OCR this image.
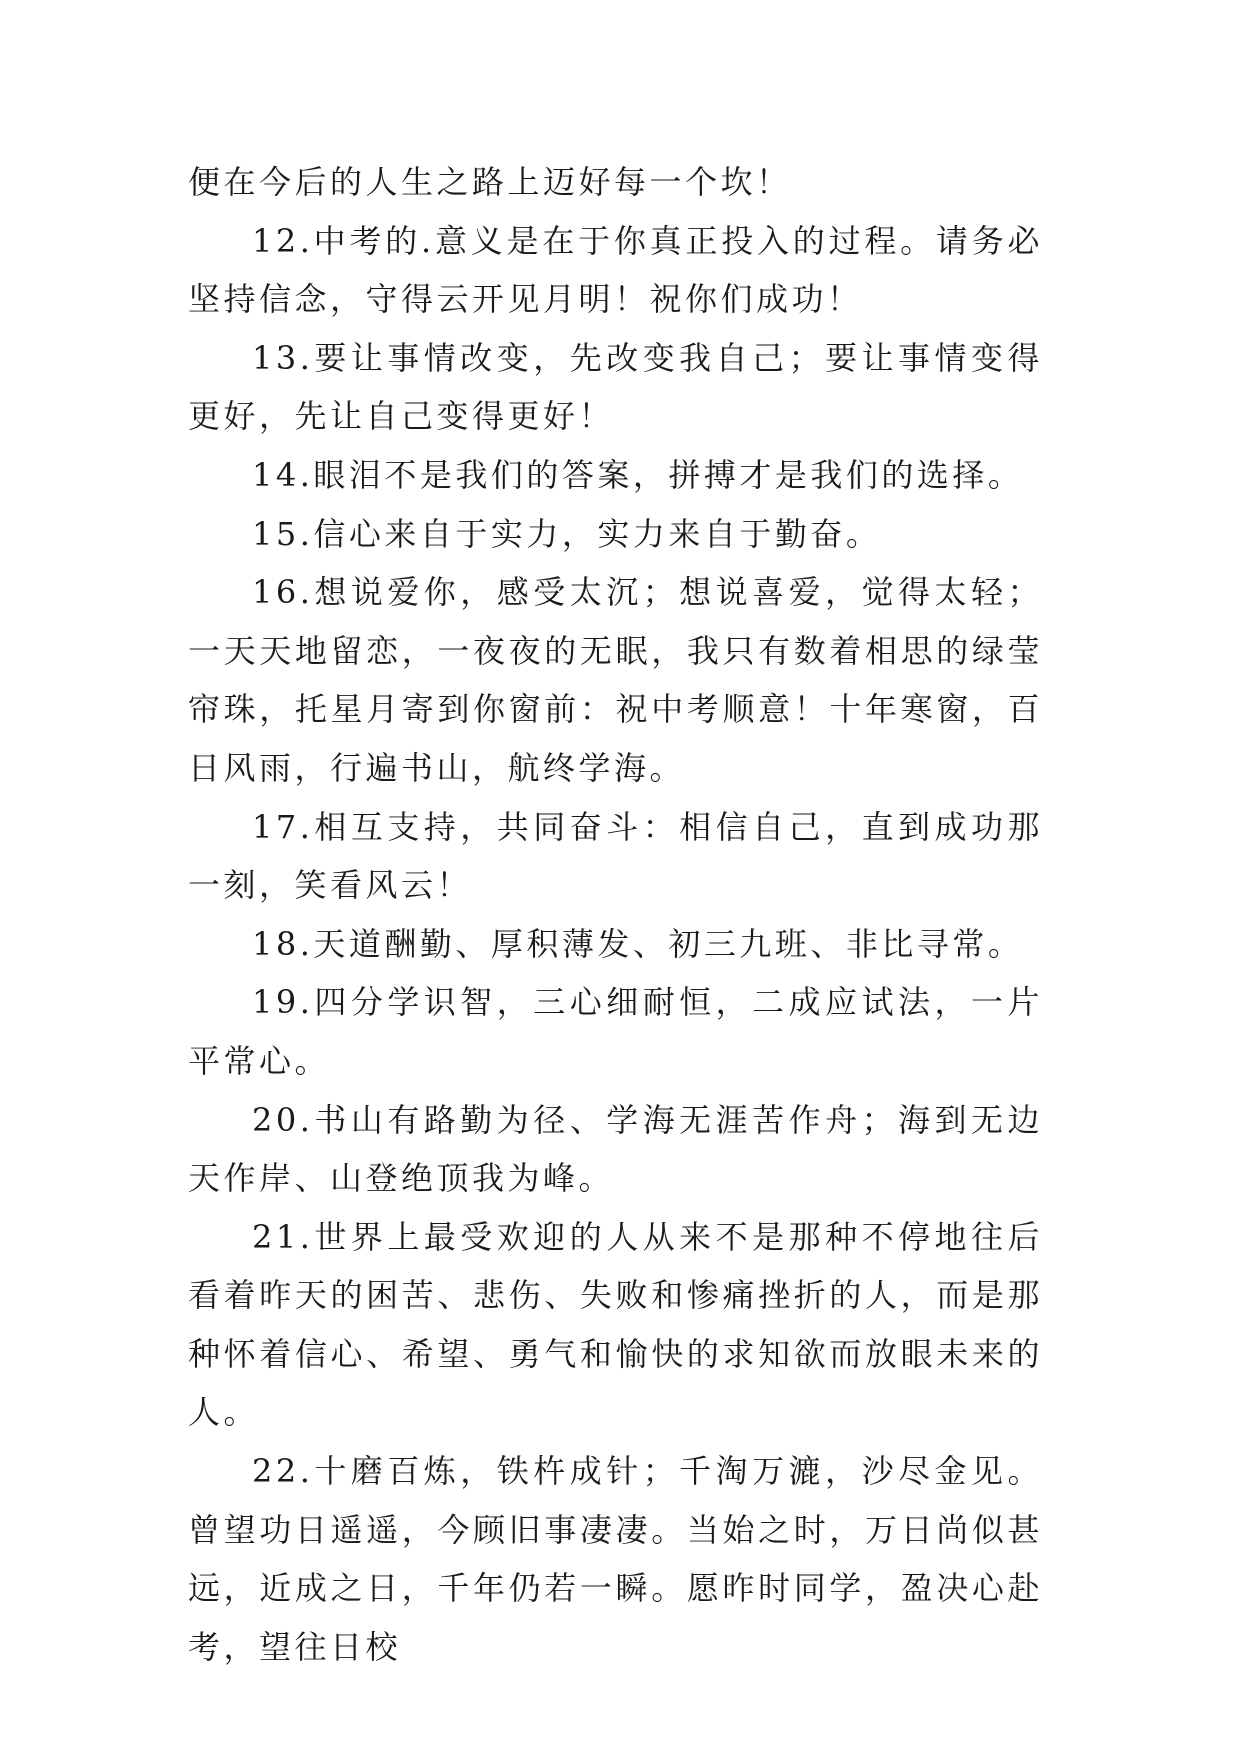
便在今后的人生之路上迈好每一个坎！

12.中考的.意义是在于你真正投入的过程。请务必坚持信念，守得云开见月明！祝你们成功！

13.要让事情改变，先改变我自己；要让事情变得更好，先让自己变得更好！

14.眼泪不是我们的答案，拼搏才是我们的选择。

15.信心来自于实力，实力来自于勤奋。

16.想说爱你，感受太沉；想说喜爱，觉得太轻；一天天地留恋，一夜夜的无眠，我只有数着相思的绿莹帘珠，托星月寄到你窗前：祝中考顺意！十年寒窗，百日风雨，行遍书山，航终学海。

17.相互支持，共同奋斗：相信自己，直到成功那一刻，笑看风云！

18.天道酬勤、厚积薄发、初三九班、非比寻常。

19.四分学识智，三心细耐恒，二成应试法，一片平常心。

20.书山有路勤为径、学海无涯苦作舟；海到无边天作岸、山登绝顶我为峰。

21.世界上最受欢迎的人从来不是那种不停地往后看着昨天的困苦、悲伤、失败和惨痛挫折的人，而是那种怀着信心、希望、勇气和愉快的求知欲而放眼未来的人。

22.十磨百炼，铁杵成针；千淘万漉，沙尽金见。曾望功日遥遥，今顾旧事凄凄。当始之时，万日尚似甚远，近成之日，千年仍若一瞬。愿昨时同学，盈决心赴考，望往日校
